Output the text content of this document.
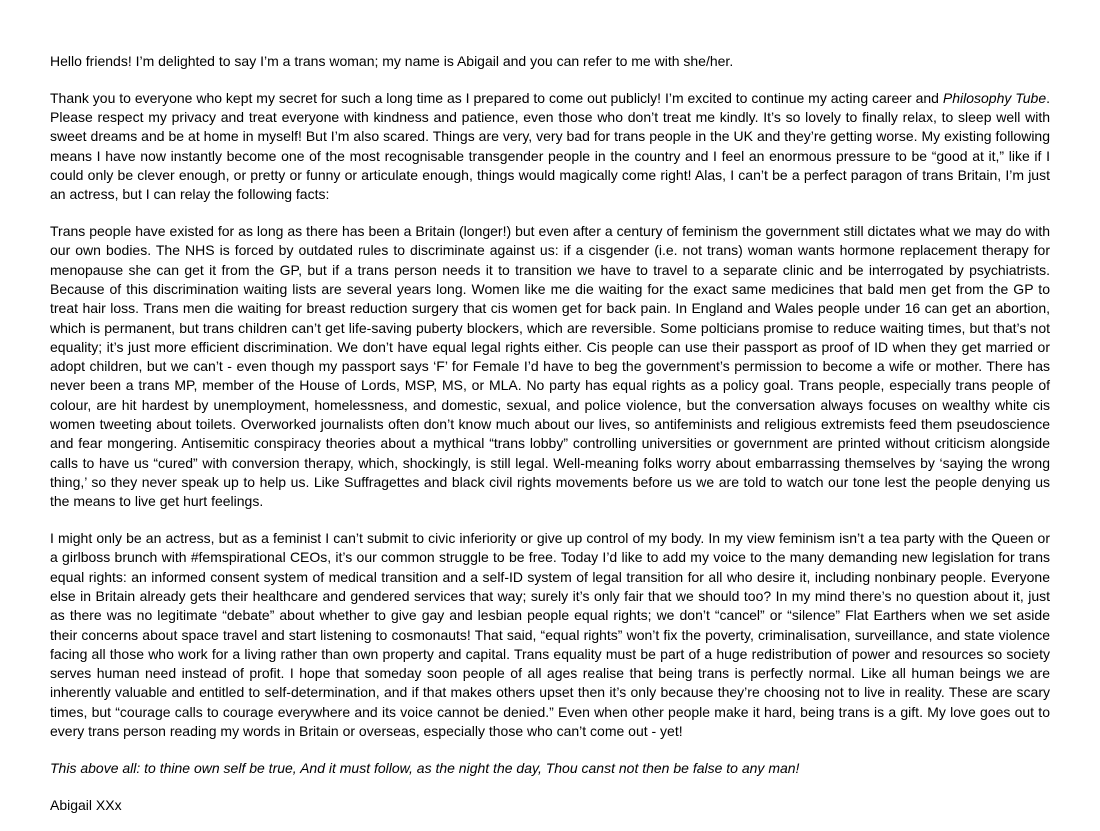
Hello friends! I’m delighted to say I’m a trans woman; my name is Abigail and you can refer to me with she/her.

Thank you to everyone who kept my secret for such a long time as I prepared to come out publicly! I’m excited to continue my acting career and Philosophy Tube. Please respect my privacy and treat everyone with kindness and patience, even those who don’t treat me kindly. It’s so lovely to finally relax, to sleep well with sweet dreams and be at home in myself! But I’m also scared. Things are very, very bad for trans people in the UK and they’re getting worse. My existing following means I have now instantly become one of the most recognisable transgender people in the country and I feel an enormous pressure to be “good at it,” like if I could only be clever enough, or pretty or funny or articulate enough, things would magically come right! Alas, I can’t be a perfect paragon of trans Britain, I’m just an actress, but I can relay the following facts:

Trans people have existed for as long as there has been a Britain (longer!) but even after a century of feminism the government still dictates what we may do with our own bodies. The NHS is forced by outdated rules to discriminate against us: if a cisgender (i.e. not trans) woman wants hormone replacement therapy for menopause she can get it from the GP, but if a trans person needs it to transition we have to travel to a separate clinic and be interrogated by psychiatrists. Because of this discrimination waiting lists are several years long. Women like me die waiting for the exact same medicines that bald men get from the GP to treat hair loss. Trans men die waiting for breast reduction surgery that cis women get for back pain. In England and Wales people under 16 can get an abortion, which is permanent, but trans children can’t get life-saving puberty blockers, which are reversible. Some polticians promise to reduce waiting times, but that’s not equality; it’s just more efficient discrimination. We don’t have equal legal rights either. Cis people can use their passport as proof of ID when they get married or adopt children, but we can’t - even though my passport says ‘F’ for Female I’d have to beg the government’s permission to become a wife or mother. There has never been a trans MP, member of the House of Lords, MSP, MS, or MLA. No party has equal rights as a policy goal. Trans people, especially trans people of colour, are hit hardest by unemployment, homelessness, and domestic, sexual, and police violence, but the conversation always focuses on wealthy white cis women tweeting about toilets. Overworked journalists often don’t know much about our lives, so antifeminists and religious extremists feed them pseudoscience and fear mongering. Antisemitic conspiracy theories about a mythical “trans lobby” controlling universities or government are printed without criticism alongside calls to have us “cured” with conversion therapy, which, shockingly, is still legal. Well-meaning folks worry about embarrassing themselves by ‘saying the wrong thing,’ so they never speak up to help us. Like Suffragettes and black civil rights movements before us we are told to watch our tone lest the people denying us the means to live get hurt feelings.

I might only be an actress, but as a feminist I can’t submit to civic inferiority or give up control of my body. In my view feminism isn’t a tea party with the Queen or a girlboss brunch with #femspirational CEOs, it’s our common struggle to be free. Today I’d like to add my voice to the many demanding new legislation for trans equal rights: an informed consent system of medical transition and a self-ID system of legal transition for all who desire it, including nonbinary people. Everyone else in Britain already gets their healthcare and gendered services that way; surely it’s only fair that we should too? In my mind there’s no question about it, just as there was no legitimate “debate” about whether to give gay and lesbian people equal rights; we don’t “cancel” or “silence” Flat Earthers when we set aside their concerns about space travel and start listening to cosmonauts! That said, “equal rights” won’t fix the poverty, criminalisation, surveillance, and state violence facing all those who work for a living rather than own property and capital. Trans equality must be part of a huge redistribution of power and resources so society serves human need instead of profit. I hope that someday soon people of all ages realise that being trans is perfectly normal. Like all human beings we are inherently valuable and entitled to self-determination, and if that makes others upset then it’s only because they’re choosing not to live in reality. These are scary times, but “courage calls to courage everywhere and its voice cannot be denied.” Even when other people make it hard, being trans is a gift. My love goes out to every trans person reading my words in Britain or overseas, especially those who can’t come out - yet!

This above all: to thine own self be true, And it must follow, as the night the day, Thou canst not then be false to any man!

Abigail XXx
